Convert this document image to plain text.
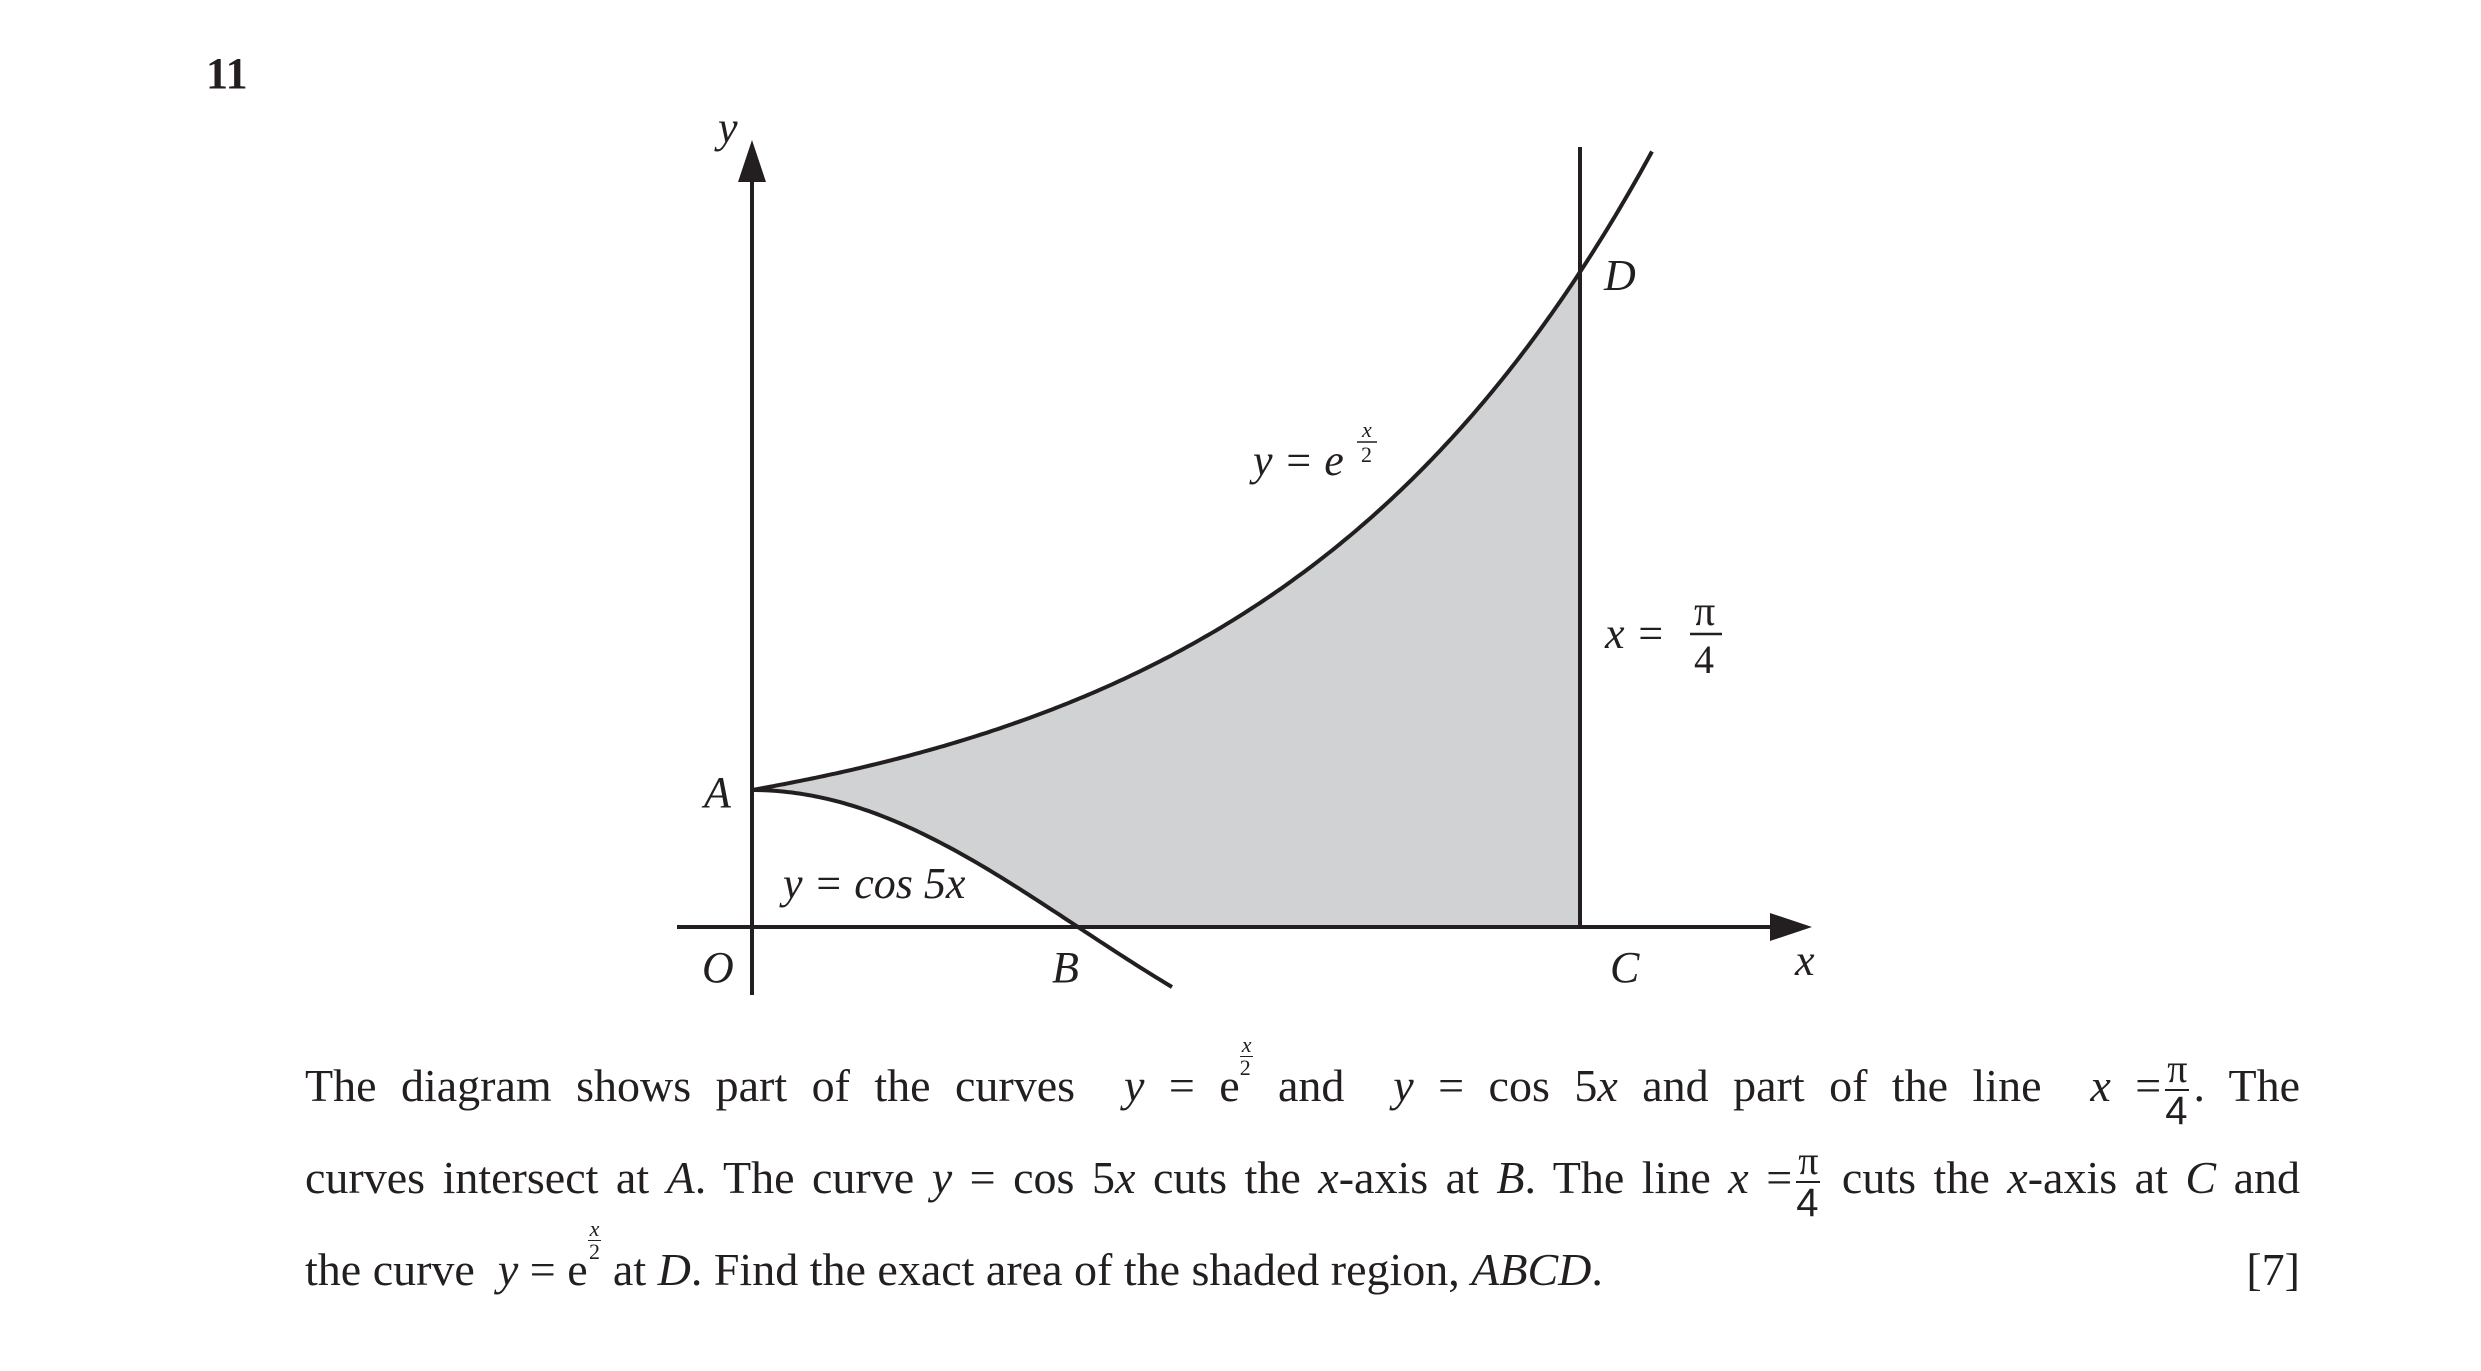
11
y
x
O
A
B	C
D
y = e
x
2
y = cos 5x
x = π
4
The diagram shows part of the curves y = e
$\frac{x}{2}$
and y = cos 5x and part of the line $x = \frac{\pi}{4}$ . The
curves intersect at A. The curve y = cos 5x cuts the x-axis at B. The line $x = \frac{\pi}{4}$ cuts the x-axis at C and
the curve y = e
$\frac{x}{2}$
at D. Find the exact area of the shaded region, ABCD.	[7]
